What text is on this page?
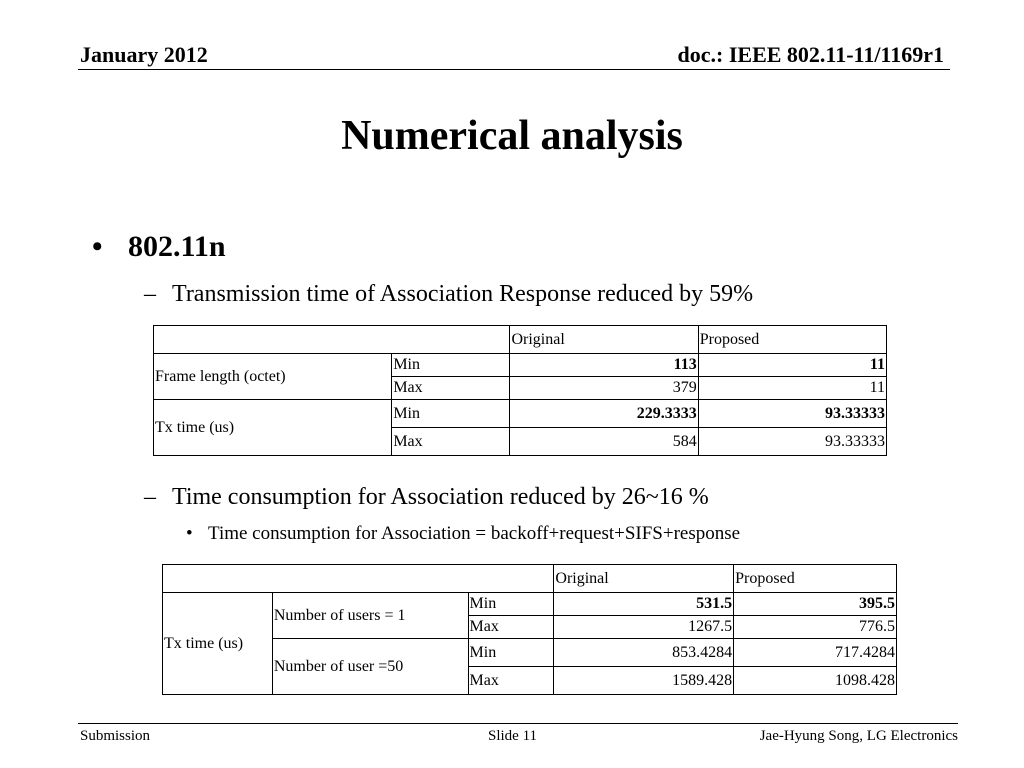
January 2012	doc.: IEEE 802.11-11/1169r1
Numerical analysis
• 802.11n
– Transmission time of Association Response reduced by 59%
		Original	Proposed
Frame length (octet)	Min	113	11
	Max	379	11
Tx time (us)	Min	229.3333	93.33333
	Max	584	93.33333
– Time consumption for Association reduced by 26~16 %
• Time consumption for Association = backoff+request+SIFS+response
			Original	Proposed
Tx time (us)	Number of users = 1	Min	531.5	395.5
		Max	1267.5	776.5
	Number of user =50	Min	853.4284	717.4284
		Max	1589.428	1098.428
Submission	Slide 11	Jae-Hyung Song, LG Electronics
